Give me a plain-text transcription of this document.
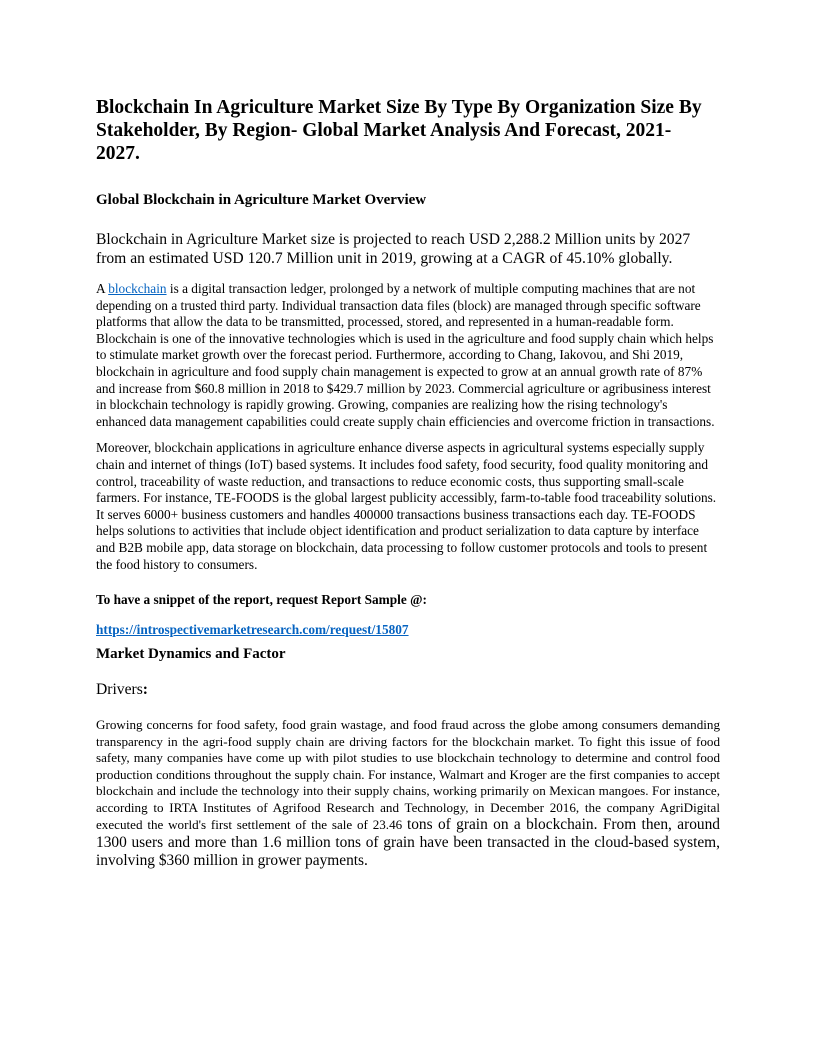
Blockchain In Agriculture Market Size By Type By Organization Size By Stakeholder, By Region- Global Market Analysis And Forecast, 2021- 2027.
Global Blockchain in Agriculture Market Overview

Blockchain in Agriculture Market size is projected to reach USD 2,288.2 Million units by 2027 from an estimated USD 120.7 Million unit in 2019, growing at a CAGR of 45.10% globally.

A blockchain is a digital transaction ledger, prolonged by a network of multiple computing machines that are not depending on a trusted third party. Individual transaction data files (block) are managed through specific software platforms that allow the data to be transmitted, processed, stored, and represented in a human-readable form. Blockchain is one of the innovative technologies which is used in the agriculture and food supply chain which helps to stimulate market growth over the forecast period. Furthermore, according to Chang, Iakovou, and Shi 2019, blockchain in agriculture and food supply chain management is expected to grow at an annual growth rate of 87% and increase from $60.8 million in 2018 to $429.7 million by 2023. Commercial agriculture or agribusiness interest in blockchain technology is rapidly growing. Growing, companies are realizing how the rising technology's enhanced data management capabilities could create supply chain efficiencies and overcome friction in transactions.

Moreover, blockchain applications in agriculture enhance diverse aspects in agricultural systems especially supply chain and internet of things (IoT) based systems. It includes food safety, food security, food quality monitoring and control, traceability of waste reduction, and transactions to reduce economic costs, thus supporting small-scale farmers. For instance, TE-FOODS is the global largest publicity accessibly, farm-to-table food traceability solutions. It serves 6000+ business customers and handles 400000 transactions business transactions each day. TE-FOODS helps solutions to activities that include object identification and product serialization to data capture by interface and B2B mobile app, data storage on blockchain, data processing to follow customer protocols and tools to present the food history to consumers.

To have a snippet of the report, request Report Sample @:

https://introspectivemarketresearch.com/request/15807

Market Dynamics and Factor

Drivers:

Growing concerns for food safety, food grain wastage, and food fraud across the globe among consumers demanding transparency in the agri-food supply chain are driving factors for the blockchain market. To fight this issue of food safety, many companies have come up with pilot studies to use blockchain technology to determine and control food production conditions throughout the supply chain. For instance, Walmart and Kroger are the first companies to accept blockchain and include the technology into their supply chains, working primarily on Mexican mangoes. For instance, according to IRTA Institutes of Agrifood Research and Technology, in December 2016, the company AgriDigital executed the world's first settlement of the sale of 23.46 tons of grain on a blockchain. From then, around 1300 users and more than 1.6 million tons of grain have been transacted in the cloud-based system, involving $360 million in grower payments.
